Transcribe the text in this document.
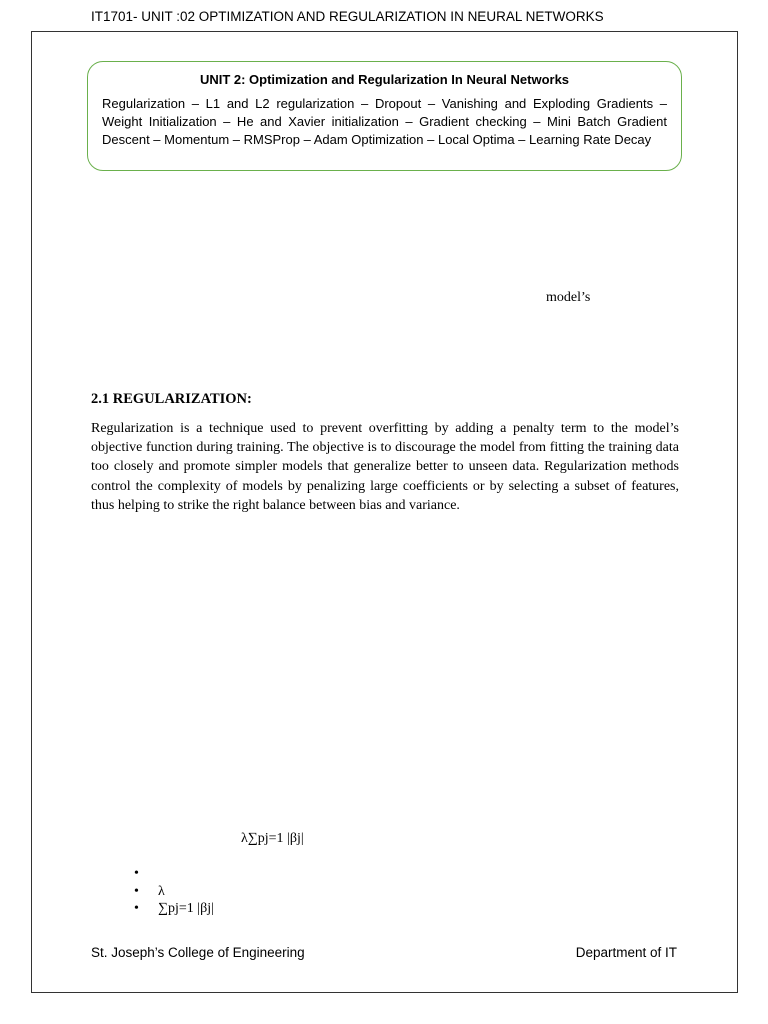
IT1701- UNIT :02 OPTIMIZATION AND REGULARIZATION IN NEURAL NETWORKS
UNIT 2: Optimization and Regularization In Neural Networks

Regularization – L1 and L2 regularization – Dropout – Vanishing and Exploding Gradients – Weight Initialization – He and Xavier initialization – Gradient checking – Mini Batch Gradient Descent – Momentum – RMSProp – Adam Optimization – Local Optima – Learning Rate Decay

model’s
2.1 REGULARIZATION:

Regularization is a technique used to prevent overfitting by adding a penalty term to the model’s objective function during training. The objective is to discourage the model from fitting the training data too closely and promote simpler models that generalize better to unseen data. Regularization methods control the complexity of models by penalizing large coefficients or by selecting a subset of features, thus helping to strike the right balance between bias and variance.

λ∑pj=1 |βj|
•
• λ
• ∑pj=1 |βj|
St. Joseph’s College of Engineering	Department of IT
